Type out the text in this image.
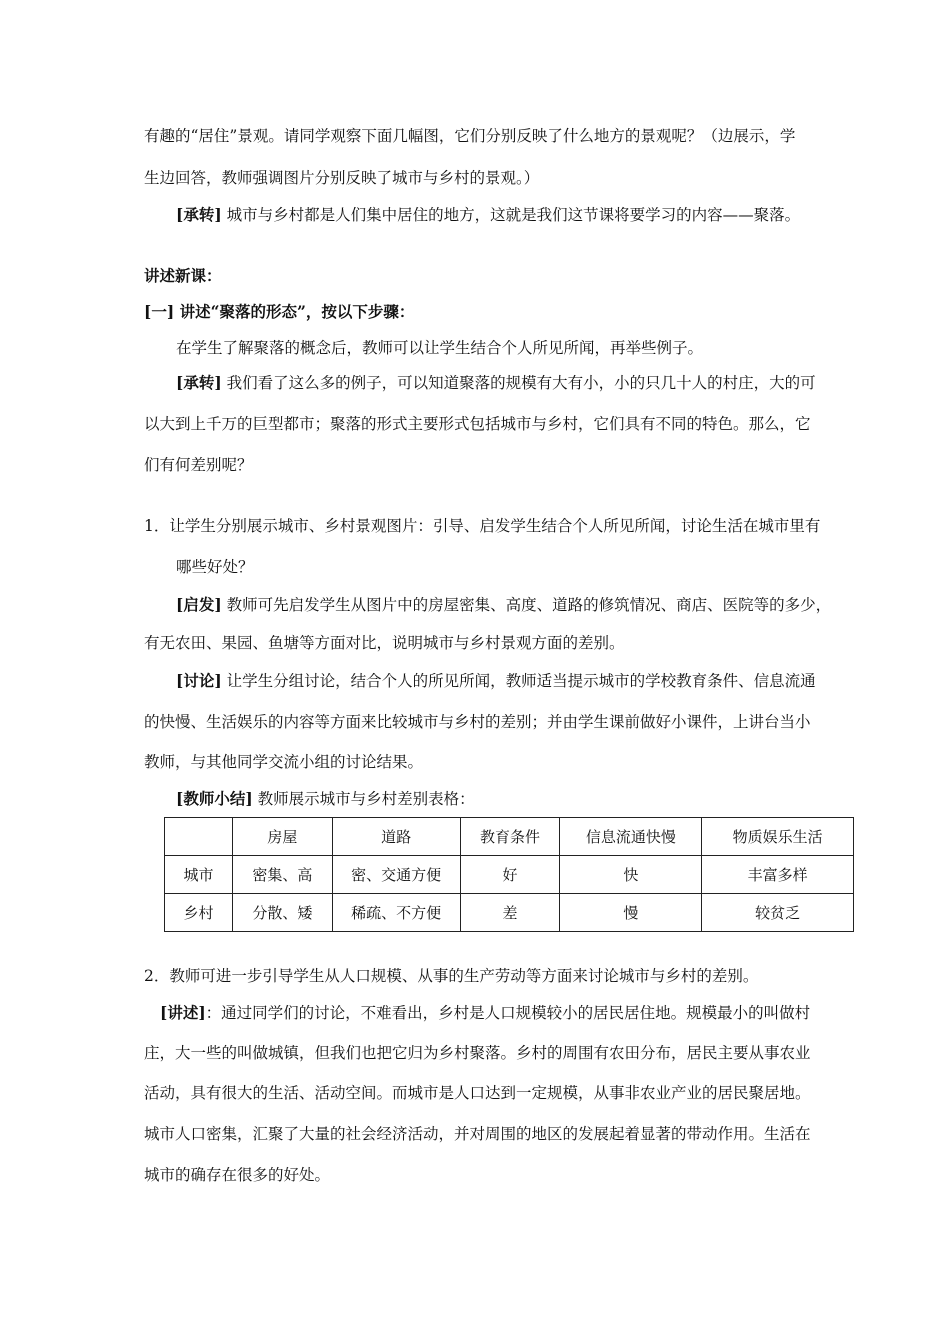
有趣的“居住”景观。请同学观察下面几幅图，它们分别反映了什么地方的景观呢？（边展示，学
生边回答，教师强调图片分别反映了城市与乡村的景观。）
[承转] 城市与乡村都是人们集中居住的地方，这就是我们这节课将要学习的内容——聚落。
讲述新课：
[一] 讲述“聚落的形态”，按以下步骤：
在学生了解聚落的概念后，教师可以让学生结合个人所见所闻，再举些例子。
[承转] 我们看了这么多的例子，可以知道聚落的规模有大有小，小的只几十人的村庄，大的可
以大到上千万的巨型都市；聚落的形式主要形式包括城市与乡村，它们具有不同的特色。那么，它
们有何差别呢？
1．让学生分别展示城市、乡村景观图片：引导、启发学生结合个人所见所闻，讨论生活在城市里有
哪些好处？
[启发] 教师可先启发学生从图片中的房屋密集、高度、道路的修筑情况、商店、医院等的多少，
有无农田、果园、鱼塘等方面对比，说明城市与乡村景观方面的差别。
[讨论] 让学生分组讨论，结合个人的所见所闻，教师适当提示城市的学校教育条件、信息流通
的快慢、生活娱乐的内容等方面来比较城市与乡村的差别；并由学生课前做好小课件，上讲台当小
教师，与其他同学交流小组的讨论结果。
[教师小结] 教师展示城市与乡村差别表格：
	房屋	道路	教育条件	信息流通快慢	物质娱乐生活
城市	密集、高	密、交通方便	好	快	丰富多样
乡村	分散、矮	稀疏、不方便	差	慢	较贫乏
2．教师可进一步引导学生从人口规模、从事的生产劳动等方面来讨论城市与乡村的差别。
[讲述]：通过同学们的讨论，不难看出，乡村是人口规模较小的居民居住地。规模最小的叫做村
庄，大一些的叫做城镇，但我们也把它归为乡村聚落。乡村的周围有农田分布，居民主要从事农业
活动，具有很大的生活、活动空间。而城市是人口达到一定规模，从事非农业产业的居民聚居地。
城市人口密集，汇聚了大量的社会经济活动，并对周围的地区的发展起着显著的带动作用。生活在
城市的确存在很多的好处。
